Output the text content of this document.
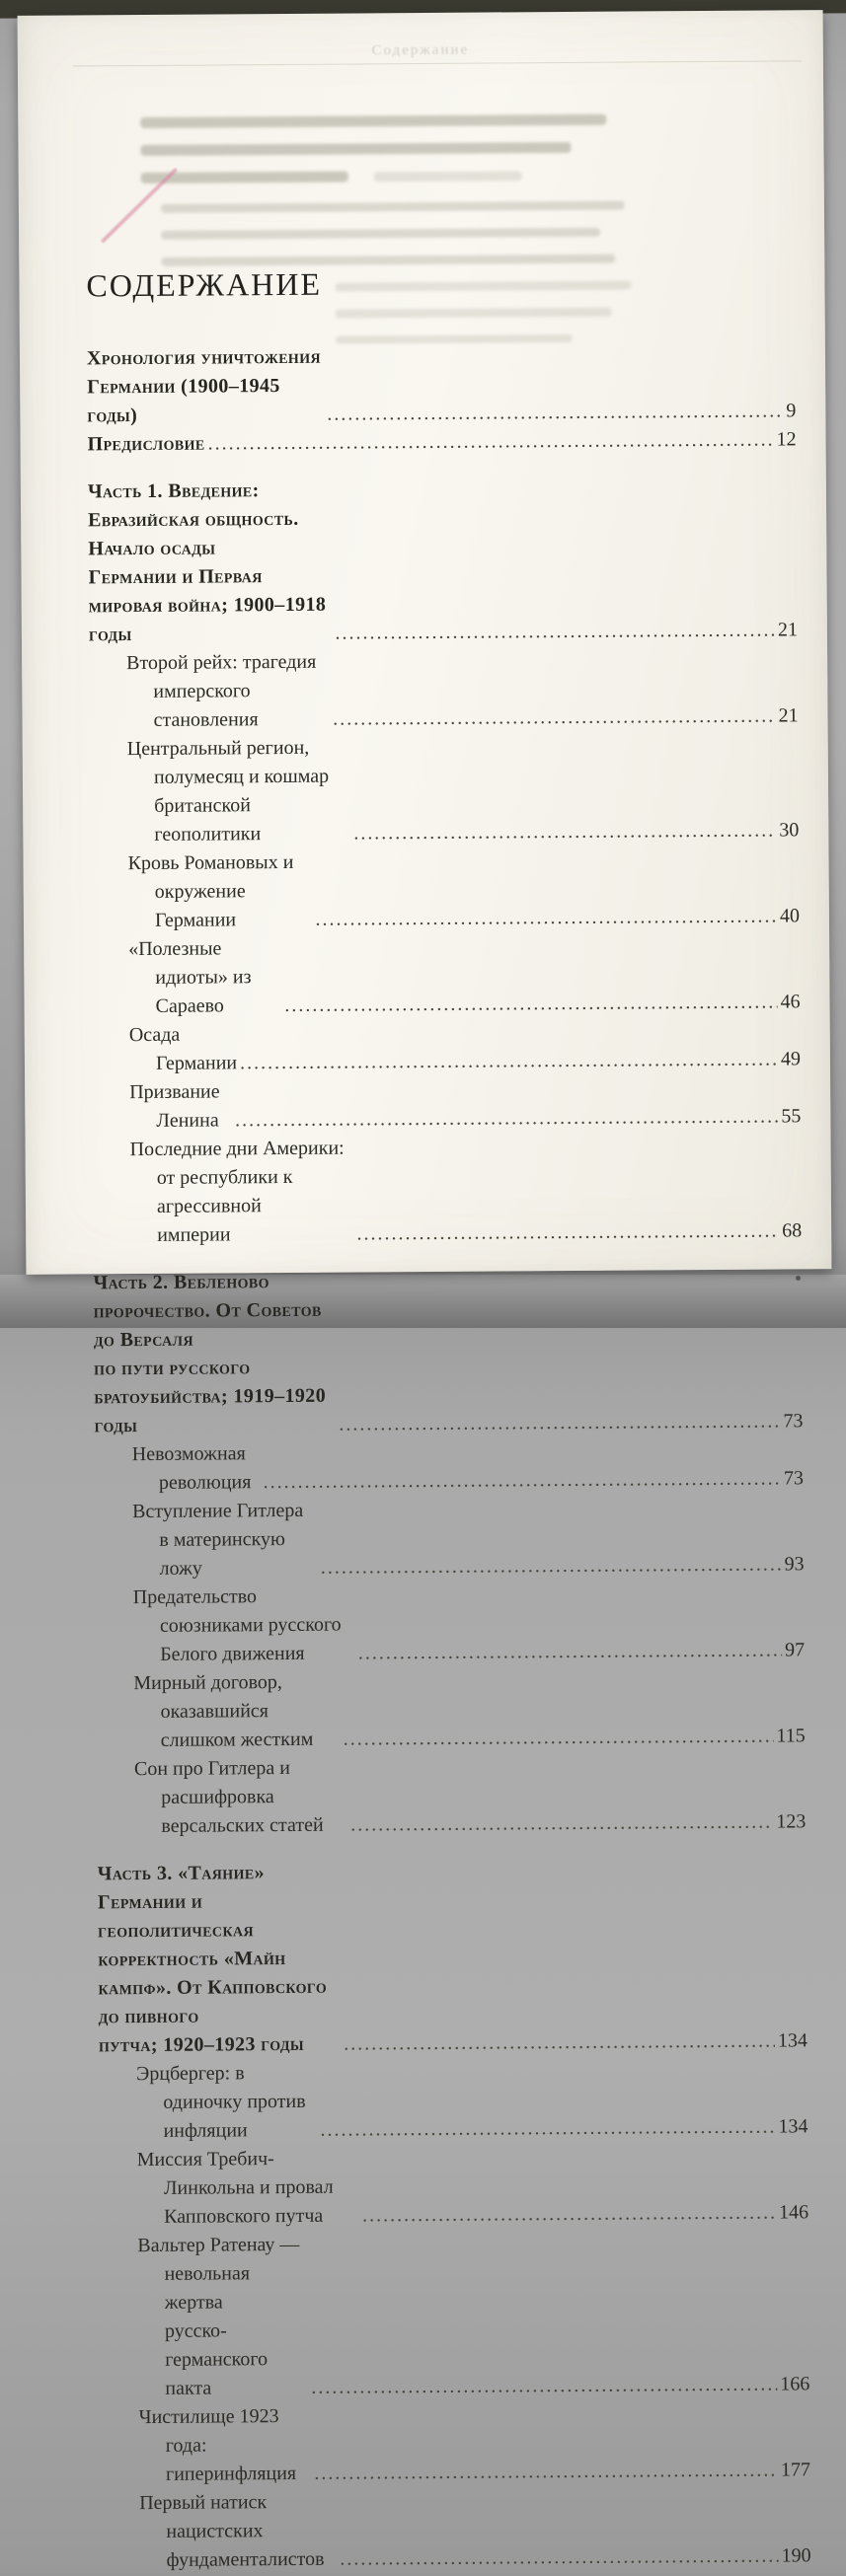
Содержание
СОДЕРЖАНИЕ
Хронология уничтожения Германии (1900–1945 годы) .....	9
Предисловие .....	12
Часть 1. Введение: Евразийская общность. Начало осады
Германии и Первая мировая война; 1900–1918 годы .....	21
Второй рейх: трагедия имперского становления .....	21
Центральный регион, полумесяц и кошмар британской
геополитики .....	30
Кровь Романовых и окружение Германии .....	40
«Полезные идиоты» из Сараево .....	46
Осада Германии .....	49
Призвание Ленина .....	55
Последние дни Америки: от республики к агрессивной
империи .....	68
Часть 2. Вебленово пророчество. От Советов до Версаля
по пути русского братоубийства; 1919–1920 годы .....	73
Невозможная революция .....	73
Вступление Гитлера в материнскую ложу .....	93
Предательство союзниками русского Белого движения .....	97
Мирный договор, оказавшийся слишком жестким .....	115
Сон про Гитлера и расшифровка версальских статей .....	123
Часть 3. «Таяние» Германии и геополитическая
корректность «Майн кампф». От Капповского до пивного
путча; 1920–1923 годы .....	134
Эрцбергер: в одиночку против инфляции .....	134
Миссия Требич-Линкольна и провал Капповского путча .....	146
Вальтер Ратенау — невольная жертва
русско-германского пакта .....	166
Чистилище 1923 года: гиперинфляция .....	177
Первый натиск нацистских фундаменталистов .....	190
